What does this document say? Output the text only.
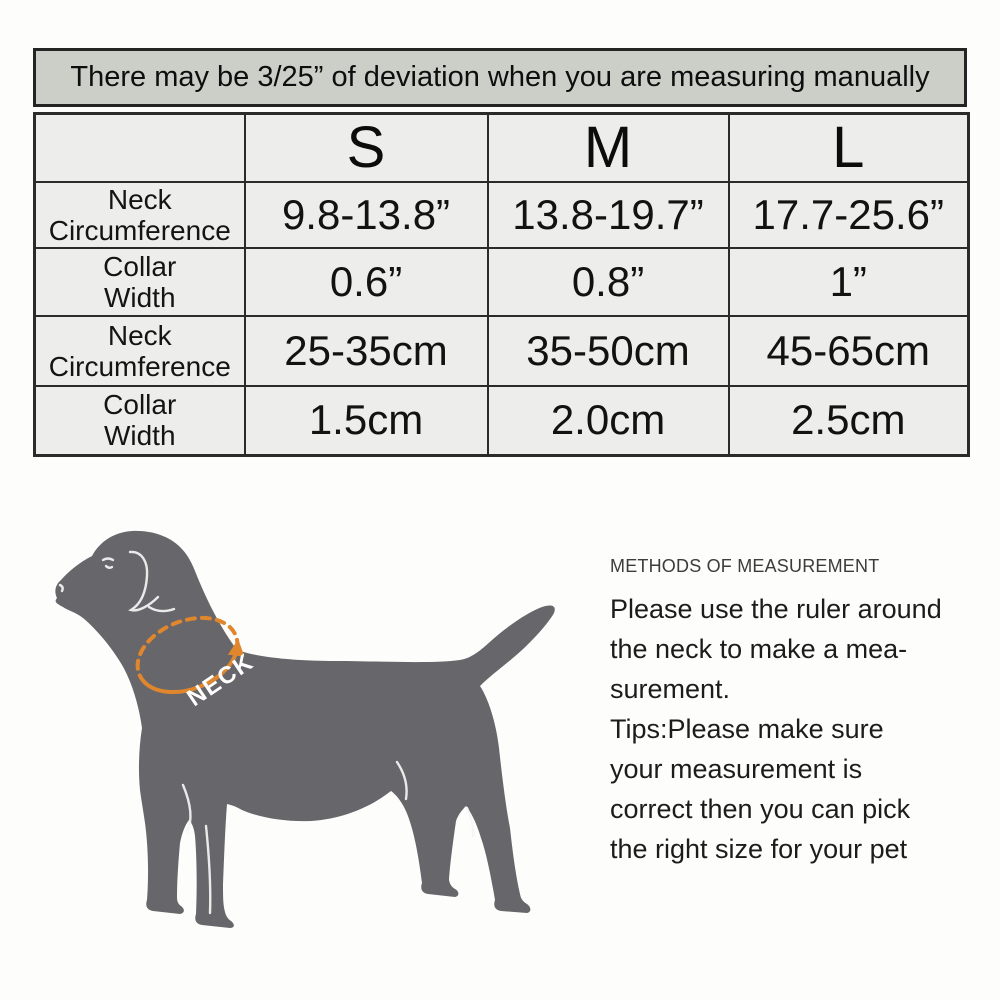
There may be 3/25” of deviation when you are measuring manually
	S	M	L

Neck
Circumference	9.8-13.8”	13.8-19.7”	17.7-25.6”

Collar
Width	0.6”	0.8”	1”

Neck
Circumference	25-35cm	35-50cm	45-65cm

Collar
Width	1.5cm	2.0cm	2.5cm
NECK
METHODS OF MEASUREMENT
Please use the ruler around
the neck to make a mea-
surement.
Tips:Please make sure
your measurement is
correct then you can pick
the right size for your pet
